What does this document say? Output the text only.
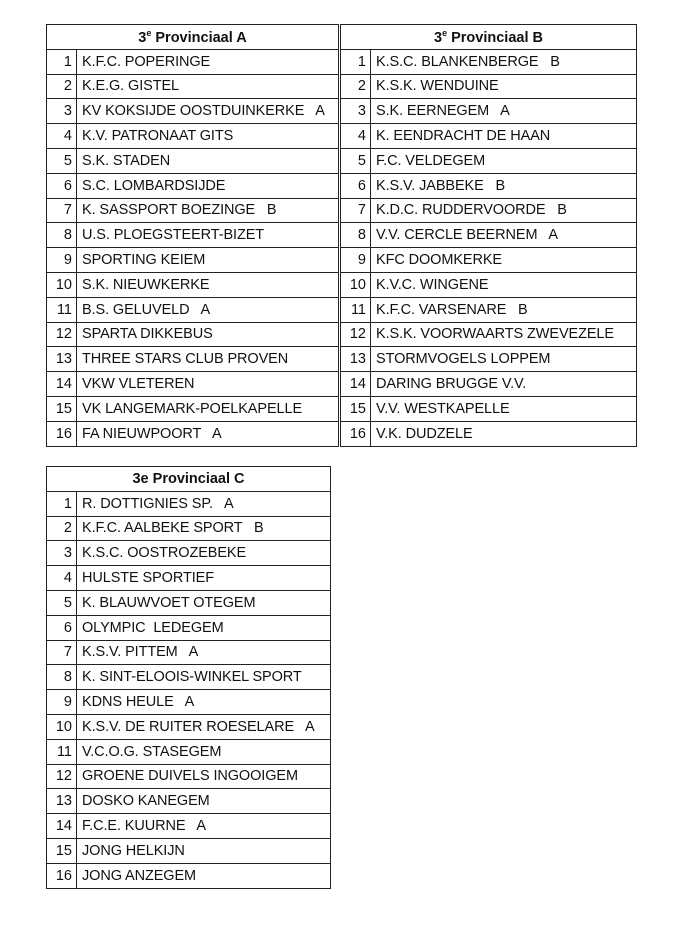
3e Provinciaal A	
1	K.F.C. POPERINGE
2	K.E.G. GISTEL
3	KV KOKSIJDE OOSTDUINKERKE   A
4	K.V. PATRONAAT GITS
5	S.K. STADEN
6	S.C. LOMBARDSIJDE
7	K. SASSPORT BOEZINGE   B
8	U.S. PLOEGSTEERT-BIZET
9	SPORTING KEIEM
10	S.K. NIEUWKERKE
11	B.S. GELUVELD   A
12	SPARTA DIKKEBUS
13	THREE STARS CLUB PROVEN
14	VKW VLETEREN
15	VK LANGEMARK-POELKAPELLE
16	FA NIEUWPOORT   A
3e Provinciaal B	
1	K.S.C. BLANKENBERGE   B
2	K.S.K. WENDUINE
3	S.K. EERNEGEM   A
4	K. EENDRACHT DE HAAN
5	F.C. VELDEGEM
6	K.S.V. JABBEKE   B
7	K.D.C. RUDDERVOORDE   B
8	V.V. CERCLE BEERNEM   A
9	KFC DOOMKERKE
10	K.V.C. WINGENE
11	K.F.C. VARSENARE   B
12	K.S.K. VOORWAARTS ZWEVEZELE
13	STORMVOGELS LOPPEM
14	DARING BRUGGE V.V.
15	V.V. WESTKAPELLE
16	V.K. DUDZELE
3e Provinciaal C	
1	R. DOTTIGNIES SP.   A
2	K.F.C. AALBEKE SPORT   B
3	K.S.C. OOSTROZEBEKE
4	HULSTE SPORTIEF
5	K. BLAUWVOET OTEGEM
6	OLYMPIC  LEDEGEM
7	K.S.V. PITTEM   A
8	K. SINT-ELOOIS-WINKEL SPORT
9	KDNS HEULE   A
10	K.S.V. DE RUITER ROESELARE   A
11	V.C.O.G. STASEGEM
12	GROENE DUIVELS INGOOIGEM
13	DOSKO KANEGEM
14	F.C.E. KUURNE   A
15	JONG HELKIJN
16	JONG ANZEGEM
